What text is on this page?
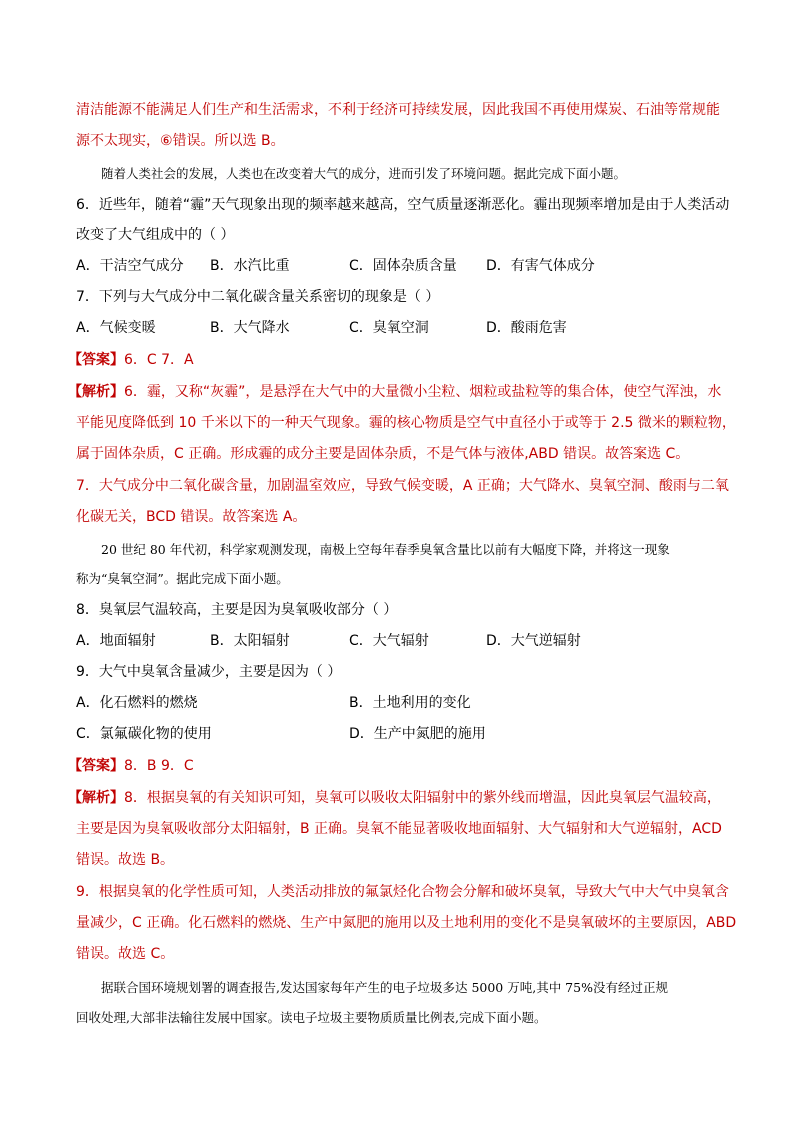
清洁能源不能满足人们生产和生活需求，不利于经济可持续发展，因此我国不再使用煤炭、石油等常规能
源不太现实，⑥错误。所以选 B。
随着人类社会的发展，人类也在改变着大气的成分，进而引发了环境问题。据此完成下面小题。
6．近些年，随着“霾”天气现象出现的频率越来越高，空气质量逐渐恶化。霾出现频率增加是由于人类活动
改变了大气组成中的（ ）
A．干洁空气成分 B．水汽比重	C．固体杂质含量 D．有害气体成分
7．下列与大气成分中二氧化碳含量关系密切的现象是（ ）
A．气候变暖	B．大气降水	C．臭氧空洞	D．酸雨危害
【答案】6．C 7．A
【解析】6．霾，又称“灰霾”，是悬浮在大气中的大量微小尘粒、烟粒或盐粒等的集合体，使空气浑浊，水
平能见度降低到 10 千米以下的一种天气现象。霾的核心物质是空气中直径小于或等于 2.5 微米的颗粒物，
属于固体杂质，C 正确。形成霾的成分主要是固体杂质，不是气体与液体,ABD 错误。故答案选 C。
7．大气成分中二氧化碳含量，加剧温室效应，导致气候变暖，A 正确；大气降水、臭氧空洞、酸雨与二氧
化碳无关，BCD 错误。故答案选 A。
20 世纪 80 年代初，科学家观测发现，南极上空每年春季臭氧含量比以前有大幅度下降，并将这一现象
称为“臭氧空洞”。据此完成下面小题。
8．臭氧层气温较高，主要是因为臭氧吸收部分（ ）
A．地面辐射	B．太阳辐射	C．大气辐射	D．大气逆辐射
9．大气中臭氧含量减少，主要是因为（ ）
A．化石燃料的燃烧	B．土地利用的变化
C．氯氟碳化物的使用	D．生产中氮肥的施用
【答案】8．B 9．C
【解析】8．根据臭氧的有关知识可知，臭氧可以吸收太阳辐射中的紫外线而增温，因此臭氧层气温较高，
主要是因为臭氧吸收部分太阳辐射，B 正确。臭氧不能显著吸收地面辐射、大气辐射和大气逆辐射，ACD
错误。故选 B。
9．根据臭氧的化学性质可知，人类活动排放的氟氯烃化合物会分解和破坏臭氧，导致大气中大气中臭氧含
量减少，C 正确。化石燃料的燃烧、生产中氮肥的施用以及土地利用的变化不是臭氧破坏的主要原因，ABD
错误。故选 C。
据联合国环境规划署的调查报告,发达国家每年产生的电子垃圾多达 5000 万吨,其中 75%没有经过正规
回收处理,大部非法输往发展中国家。读电子垃圾主要物质质量比例表,完成下面小题。
